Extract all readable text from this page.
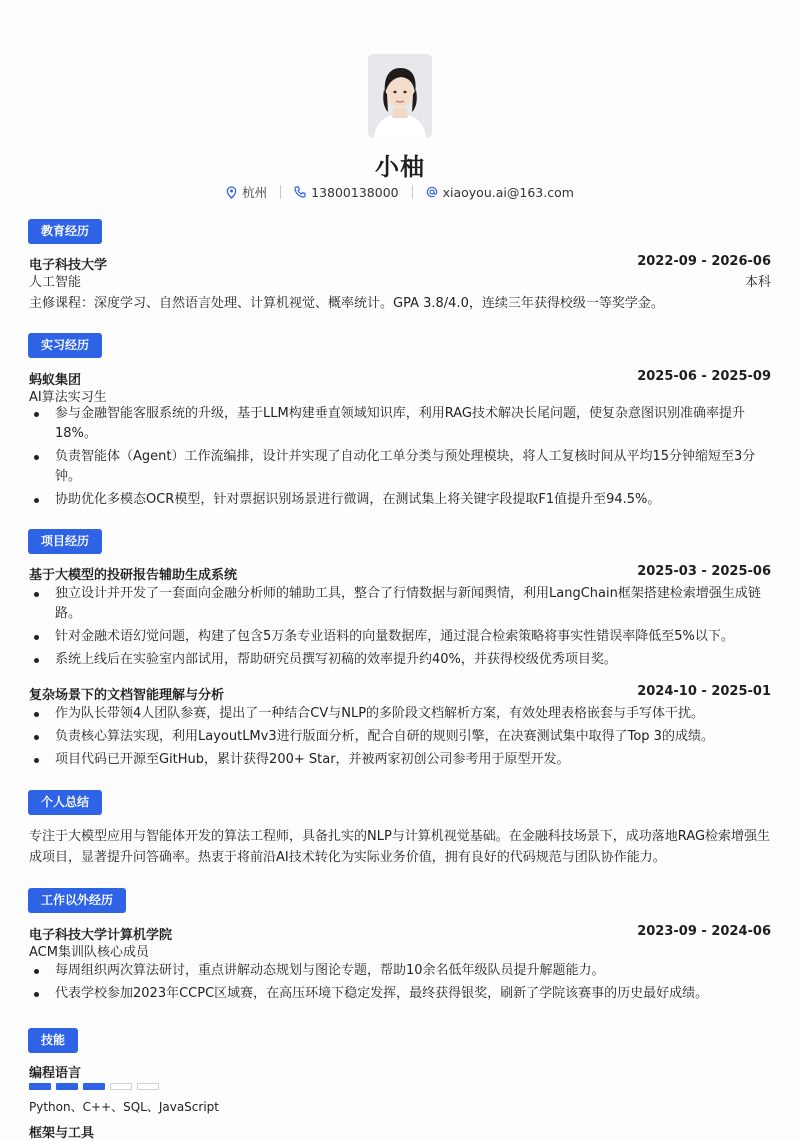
小柚
杭州	13800138000	xiaoyou.ai@163.com
教育经历
电子科技大学	2022-09 - 2026-06
人工智能	本科
主修课程：深度学习、自然语言处理、计算机视觉、概率统计。GPA 3.8/4.0，连续三年获得校级一等奖学金。
实习经历
蚂蚁集团	2025-06 - 2025-09
AI算法实习生
参与金融智能客服系统的升级，基于LLM构建垂直领域知识库，利用RAG技术解决长尾问题，使复杂意图识别准确率提升18%。
负责智能体（Agent）工作流编排，设计并实现了自动化工单分类与预处理模块，将人工复核时间从平均15分钟缩短至3分钟。
协助优化多模态OCR模型，针对票据识别场景进行微调，在测试集上将关键字段提取F1值提升至94.5%。
项目经历
基于大模型的投研报告辅助生成系统	2025-03 - 2025-06
独立设计并开发了一套面向金融分析师的辅助工具，整合了行情数据与新闻舆情，利用LangChain框架搭建检索增强生成链路。
针对金融术语幻觉问题，构建了包含5万条专业语料的向量数据库，通过混合检索策略将事实性错误率降低至5%以下。
系统上线后在实验室内部试用，帮助研究员撰写初稿的效率提升约40%，并获得校级优秀项目奖。
复杂场景下的文档智能理解与分析	2024-10 - 2025-01
作为队长带领4人团队参赛，提出了一种结合CV与NLP的多阶段文档解析方案，有效处理表格嵌套与手写体干扰。
负责核心算法实现，利用LayoutLMv3进行版面分析，配合自研的规则引擎，在决赛测试集中取得了Top 3的成绩。
项目代码已开源至GitHub，累计获得200+ Star，并被两家初创公司参考用于原型开发。
个人总结
专注于大模型应用与智能体开发的算法工程师，具备扎实的NLP与计算机视觉基础。在金融科技场景下，成功落地RAG检索增强生成项目，显著提升问答确率。热衷于将前沿AI技术转化为实际业务价值，拥有良好的代码规范与团队协作能力。
工作以外经历
电子科技大学计算机学院	2023-09 - 2024-06
ACM集训队核心成员
每周组织两次算法研讨，重点讲解动态规划与图论专题，帮助10余名低年级队员提升解题能力。
代表学校参加2023年CCPC区域赛，在高压环境下稳定发挥，最终获得银奖，刷新了学院该赛事的历史最好成绩。
技能
编程语言
Python、C++、SQL、JavaScript
框架与工具
